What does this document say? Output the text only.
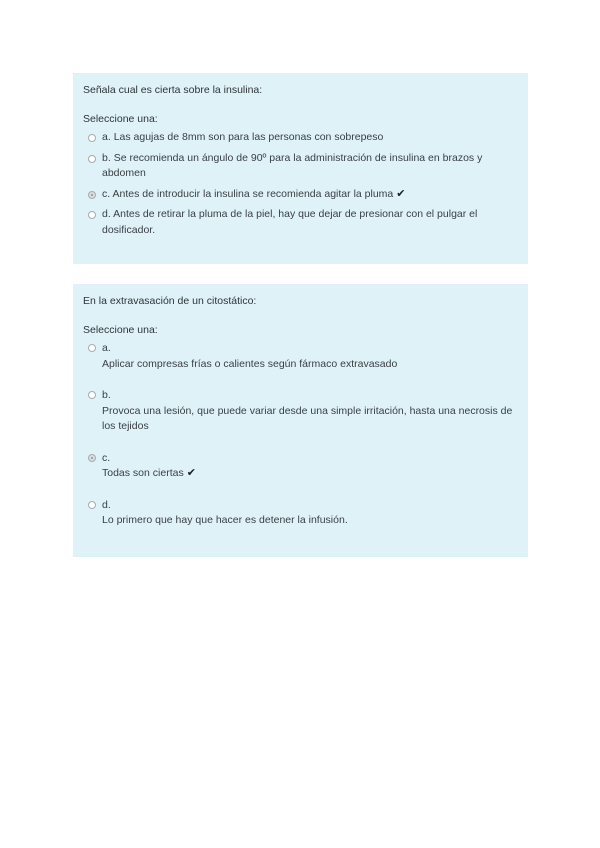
Señala cual es cierta sobre la insulina:

Seleccione una:

a. Las agujas de 8mm son para las personas con sobrepeso
b. Se recomienda un ángulo de 90º para la administración de insulina en brazos y abdomen
c. Antes de introducir la insulina se recomienda agitar la pluma ✔
d. Antes de retirar la pluma de la piel, hay que dejar de presionar con el pulgar el dosificador.

En la extravasación de un citostático:

Seleccione una:

a.
Aplicar compresas frías o calientes según fármaco extravasado
b.
Provoca una lesión, que puede variar desde una simple irritación, hasta una necrosis de los tejidos
c.
Todas son ciertas ✔
d.
Lo primero que hay que hacer es detener la infusión.
